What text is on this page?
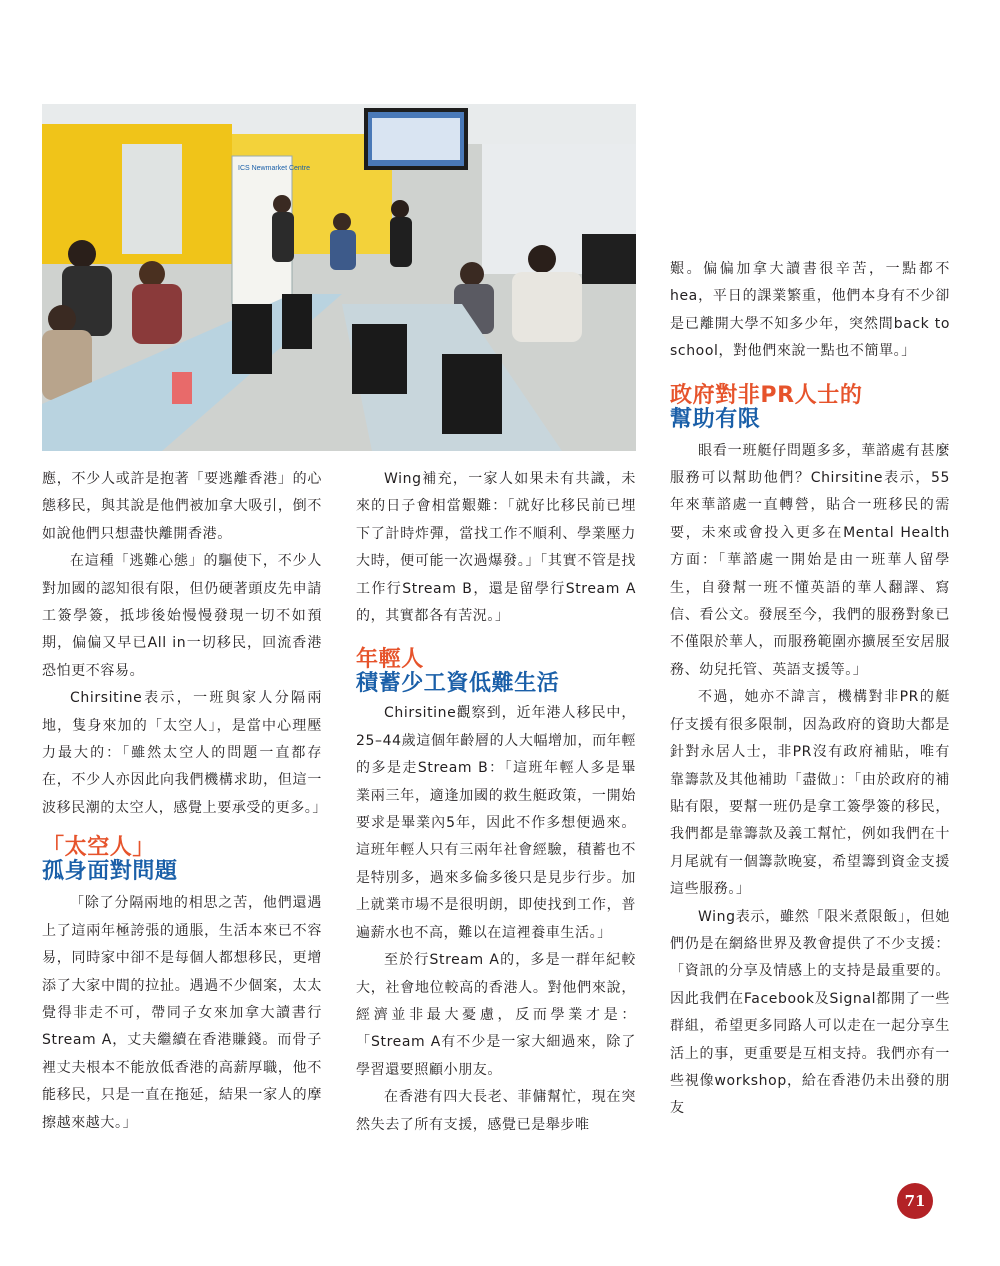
ICS Newmarket Centre

應，不少人或許是抱著「要逃離香港」的心態移民，與其說是他們被加拿大吸引，倒不如說他們只想盡快離開香港。

在這種「逃難心態」的驅使下，不少人對加國的認知很有限，但仍硬著頭皮先申請工簽學簽，抵埗後始慢慢發現一切不如預期，偏偏又早已All in一切移民，回流香港恐怕更不容易。

Chirsitine表示，一班與家人分隔兩地，隻身來加的「太空人」，是當中心理壓力最大的：「雖然太空人的問題一直都存在，不少人亦因此向我們機構求助，但這一波移民潮的太空人，感覺上要承受的更多。」

「太空人」
孤身面對問題

「除了分隔兩地的相思之苦，他們還遇上了這兩年極誇張的通脹，生活本來已不容易，同時家中卻不是每個人都想移民，更增添了大家中間的拉扯。遇過不少個案，太太覺得非走不可，帶同子女來加拿大讀書行Stream A，丈夫繼續在香港賺錢。而骨子裡丈夫根本不能放低香港的高薪厚職，他不能移民，只是一直在拖延，結果一家人的摩擦越來越大。」

Wing補充，一家人如果未有共識，未來的日子會相當艱難：「就好比移民前已埋下了計時炸彈，當找工作不順利、學業壓力大時，便可能一次過爆發。」「其實不管是找工作行Stream B，還是留學行Stream A的，其實都各有苦況。」

年輕人
積蓄少工資低難生活

Chirsitine觀察到，近年港人移民中，25–44歲這個年齡層的人大幅增加，而年輕的多是走Stream B：「這班年輕人多是畢業兩三年，適逢加國的救生艇政策，一開始要求是畢業內5年，因此不作多想便過來。這班年輕人只有三兩年社會經驗，積蓄也不是特別多，過來多倫多後只是見步行步。加上就業市場不是很明朗，即使找到工作，普遍薪水也不高，難以在這裡養車生活。」

至於行Stream A的，多是一群年紀較大，社會地位較高的香港人。對他們來說，經濟並非最大憂慮，反而學業才是：「Stream A有不少是一家大細過來，除了學習還要照顧小朋友。

在香港有四大長老、菲傭幫忙，現在突然失去了所有支援，感覺已是舉步唯

艱。偏偏加拿大讀書很辛苦，一點都不hea，平日的課業繁重，他們本身有不少卻是已離開大學不知多少年，突然間back to school，對他們來說一點也不簡單。」

政府對非PR人士的
幫助有限

眼看一班艇仔問題多多，華諮處有甚麼服務可以幫助他們？Chirsitine表示，55年來華諮處一直轉營，貼合一班移民的需要，未來或會投入更多在Mental Health方面：「華諮處一開始是由一班華人留學生，自發幫一班不懂英語的華人翻譯、寫信、看公文。發展至今，我們的服務對象已不僅限於華人，而服務範圍亦擴展至安居服務、幼兒托管、英語支援等。」

不過，她亦不諱言，機構對非PR的艇仔支援有很多限制，因為政府的資助大都是針對永居人士，非PR沒有政府補貼，唯有靠籌款及其他補助「盡做」：「由於政府的補貼有限，要幫一班仍是拿工簽學簽的移民，我們都是靠籌款及義工幫忙，例如我們在十月尾就有一個籌款晚宴，希望籌到資金支援這些服務。」

Wing表示，雖然「限米煮限飯」，但她們仍是在網絡世界及教會提供了不少支援：「資訊的分享及情感上的支持是最重要的。因此我們在Facebook及Signal都開了一些群組，希望更多同路人可以走在一起分享生活上的事，更重要是互相支持。我們亦有一些視像workshop，給在香港仍未出發的朋友

71
